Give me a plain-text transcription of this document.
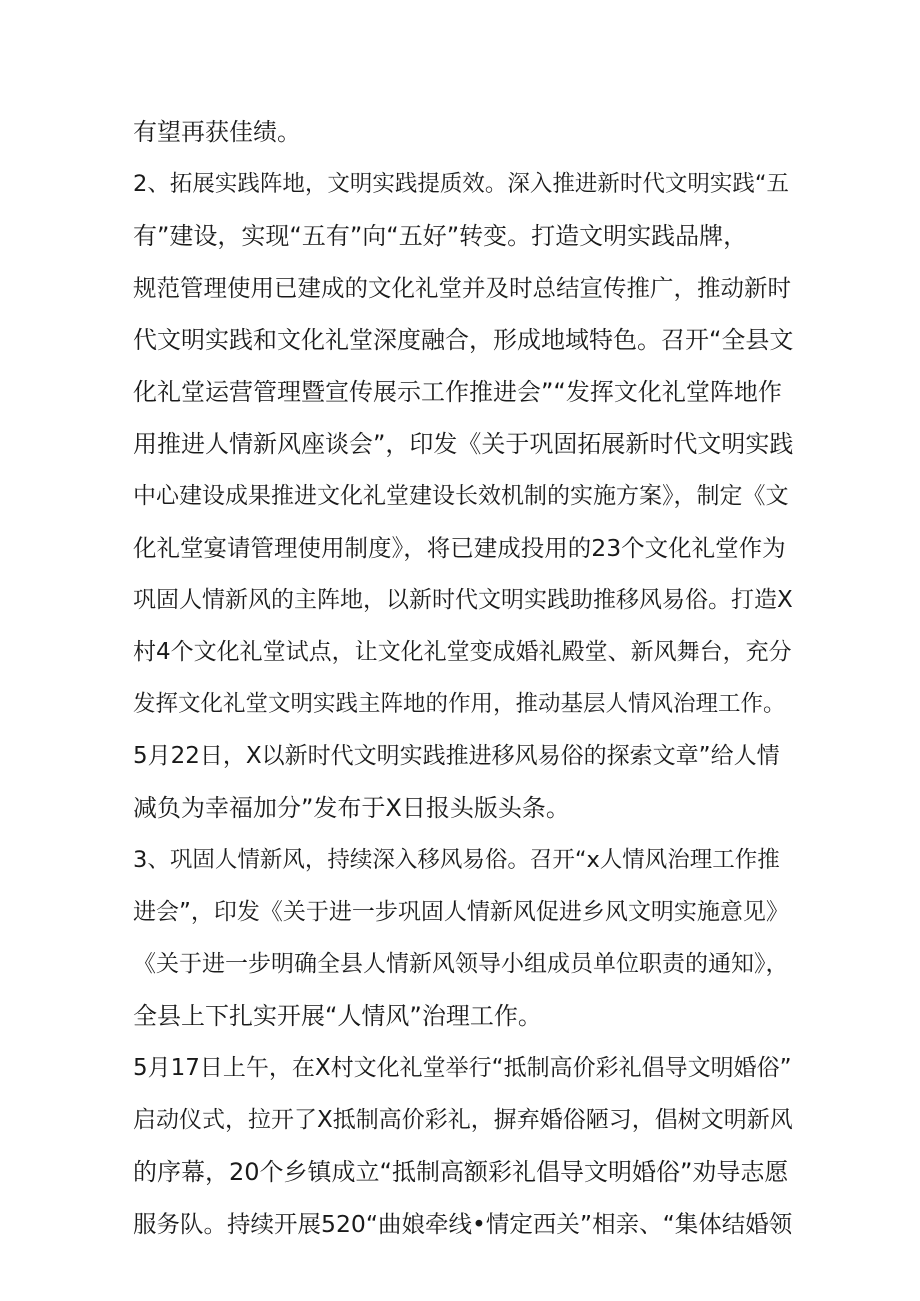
有望再获佳绩。
2、拓展实践阵地，文明实践提质效。深入推进新时代文明实践“五
有”建设，实现“五有”向“五好”转变。打造文明实践品牌，
规范管理使用已建成的文化礼堂并及时总结宣传推广，推动新时
代文明实践和文化礼堂深度融合，形成地域特色。召开“全县文
化礼堂运营管理暨宣传展示工作推进会”“发挥文化礼堂阵地作
用推进人情新风座谈会”，印发《关于巩固拓展新时代文明实践
中心建设成果推进文化礼堂建设长效机制的实施方案》，制定《文
化礼堂宴请管理使用制度》，将已建成投用的23个文化礼堂作为
巩固人情新风的主阵地，以新时代文明实践助推移风易俗。打造X
村4个文化礼堂试点，让文化礼堂变成婚礼殿堂、新风舞台，充分
发挥文化礼堂文明实践主阵地的作用，推动基层人情风治理工作。
5月22日，X以新时代文明实践推进移风易俗的探索文章”给人情
减负为幸福加分”发布于X日报头版头条。
3、巩固人情新风，持续深入移风易俗。召开“x人情风治理工作推
进会”，印发《关于进一步巩固人情新风促进乡风文明实施意见》
《关于进一步明确全县人情新风领导小组成员单位职责的通知》，
全县上下扎实开展“人情风”治理工作。
5月17日上午，在X村文化礼堂举行“抵制高价彩礼倡导文明婚俗”
启动仪式，拉开了X抵制高价彩礼，摒弃婚俗陋习，倡树文明新风
的序幕，20个乡镇成立“抵制高额彩礼倡导文明婚俗”劝导志愿
服务队。持续开展520“曲娘牵线•情定西关”相亲、“集体结婚领
